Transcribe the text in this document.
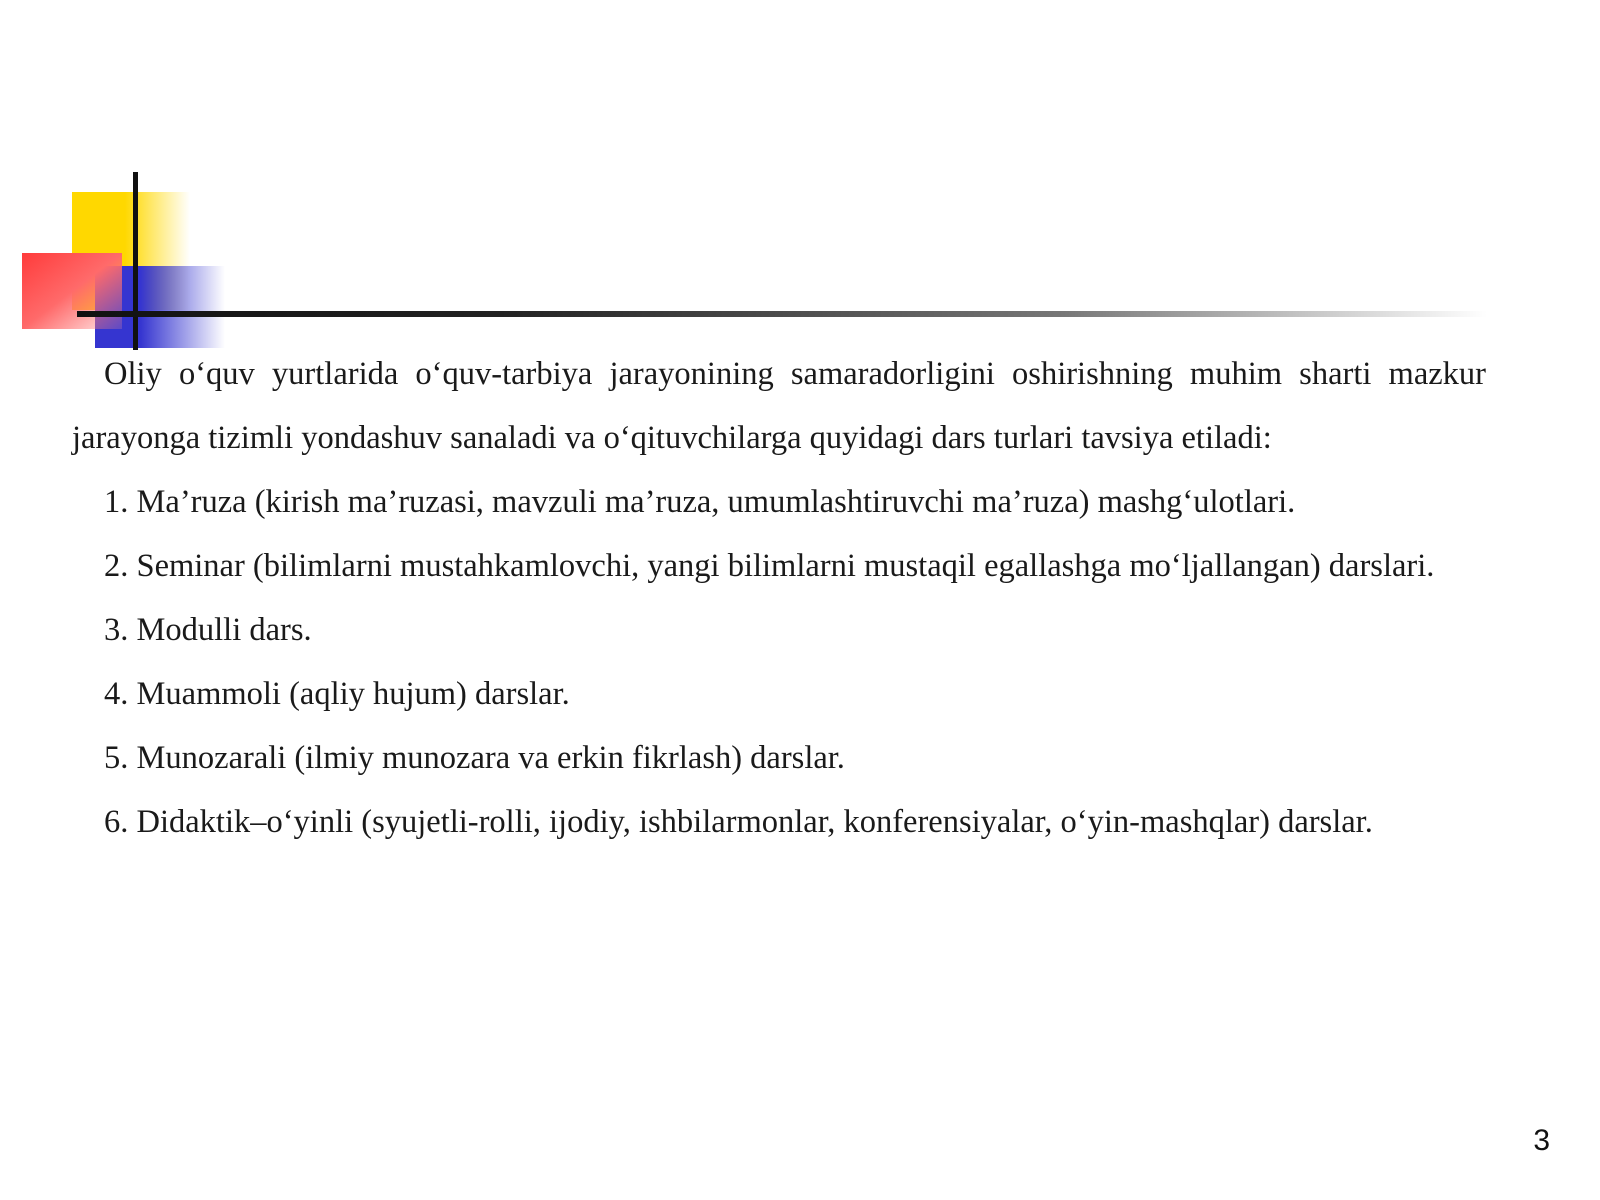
Oliy o‘quv yurtlarida o‘quv-tarbiya jarayonining samaradorligini oshirishning muhim sharti mazkur jarayonga tizimli yondashuv sanaladi va o‘qituvchilarga quyidagi dars turlari tavsiya etiladi:

1. Ma’ruza (kirish ma’ruzasi, mavzuli ma’ruza, umumlashtiruvchi ma’ruza) mashg‘ulotlari.

2. Seminar (bilimlarni mustahkamlovchi, yangi bilimlarni mustaqil egallashga mo‘ljallangan) darslari.

3. Modulli dars.

4. Muammoli (aqliy hujum) darslar.

5. Munozarali (ilmiy munozara va erkin fikrlash) darslar.

6. Didaktik–o‘yinli (syujetli-rolli, ijodiy, ishbilarmonlar, konferensiyalar, o‘yin-mashqlar) darslar.

3
